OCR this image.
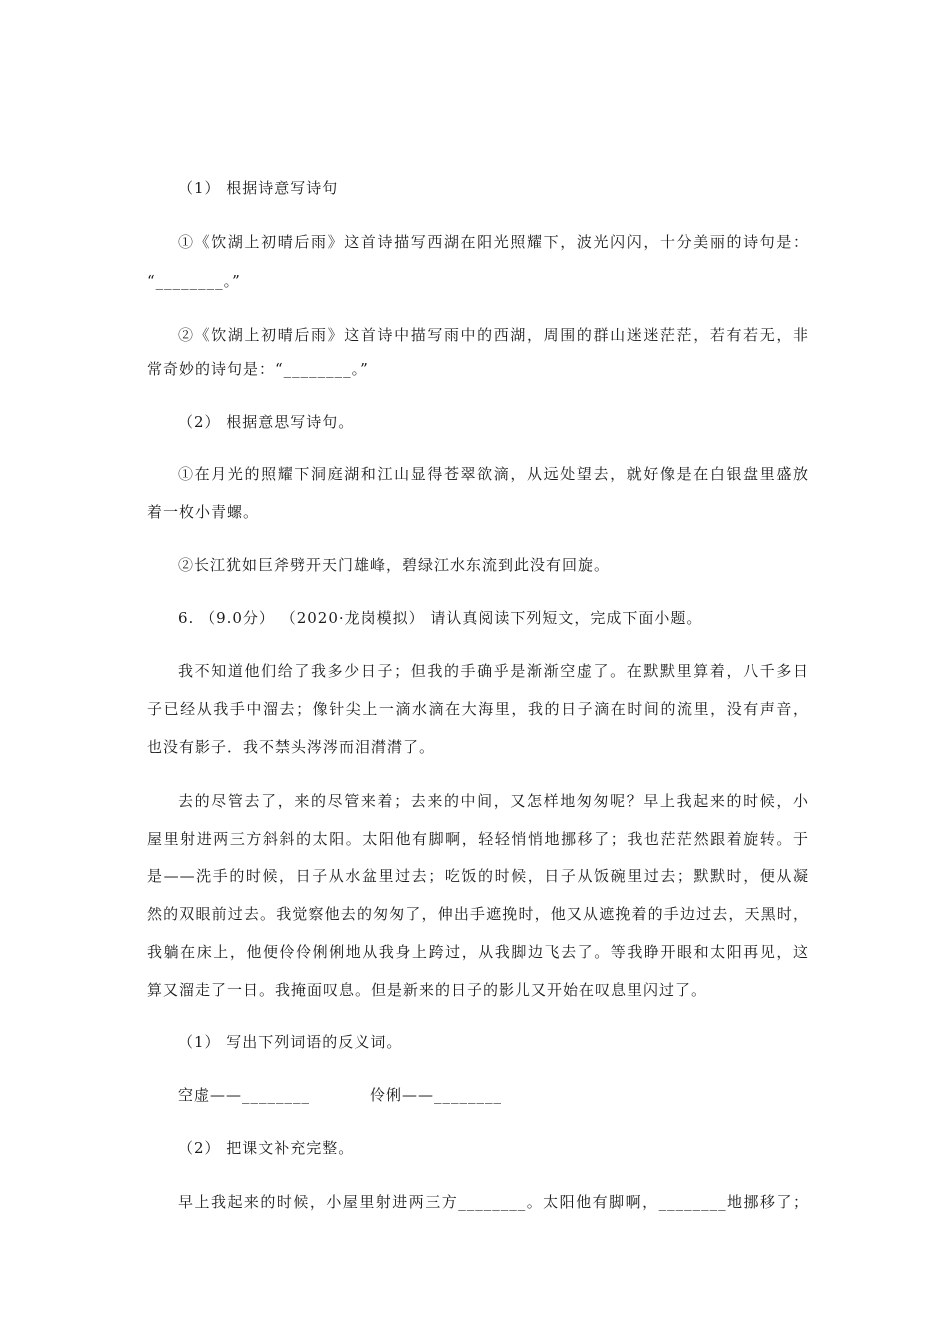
（1） 根据诗意写诗句
①《饮湖上初晴后雨》这首诗描写西湖在阳光照耀下，波光闪闪，十分美丽的诗句是：
“________。”
②《饮湖上初晴后雨》这首诗中描写雨中的西湖，周围的群山迷迷茫茫，若有若无，非
常奇妙的诗句是：“________。”
（2） 根据意思写诗句。
①在月光的照耀下洞庭湖和江山显得苍翠欲滴，从远处望去，就好像是在白银盘里盛放
着一枚小青螺。
②长江犹如巨斧劈开天门雄峰，碧绿江水东流到此没有回旋。
6. （9.0分） （2020·龙岗模拟） 请认真阅读下列短文，完成下面小题。
我不知道他们给了我多少日子；但我的手确乎是渐渐空虚了。在默默里算着，八千多日
子已经从我手中溜去；像针尖上一滴水滴在大海里，我的日子滴在时间的流里，没有声音，
也没有影子．我不禁头涔涔而泪潸潸了。
去的尽管去了，来的尽管来着；去来的中间，又怎样地匆匆呢？早上我起来的时候，小
屋里射进两三方斜斜的太阳。太阳他有脚啊，轻轻悄悄地挪移了；我也茫茫然跟着旋转。于
是——洗手的时候，日子从水盆里过去；吃饭的时候，日子从饭碗里过去；默默时，便从凝
然的双眼前过去。我觉察他去的匆匆了，伸出手遮挽时，他又从遮挽着的手边过去，天黑时，
我躺在床上，他便伶伶俐俐地从我身上跨过，从我脚边飞去了。等我睁开眼和太阳再见，这
算又溜走了一日。我掩面叹息。但是新来的日子的影儿又开始在叹息里闪过了。
（1） 写出下列词语的反义词。
空虚——________	伶俐——________
（2） 把课文补充完整。
早上我起来的时候，小屋里射进两三方________。太阳他有脚啊，________地挪移了；
